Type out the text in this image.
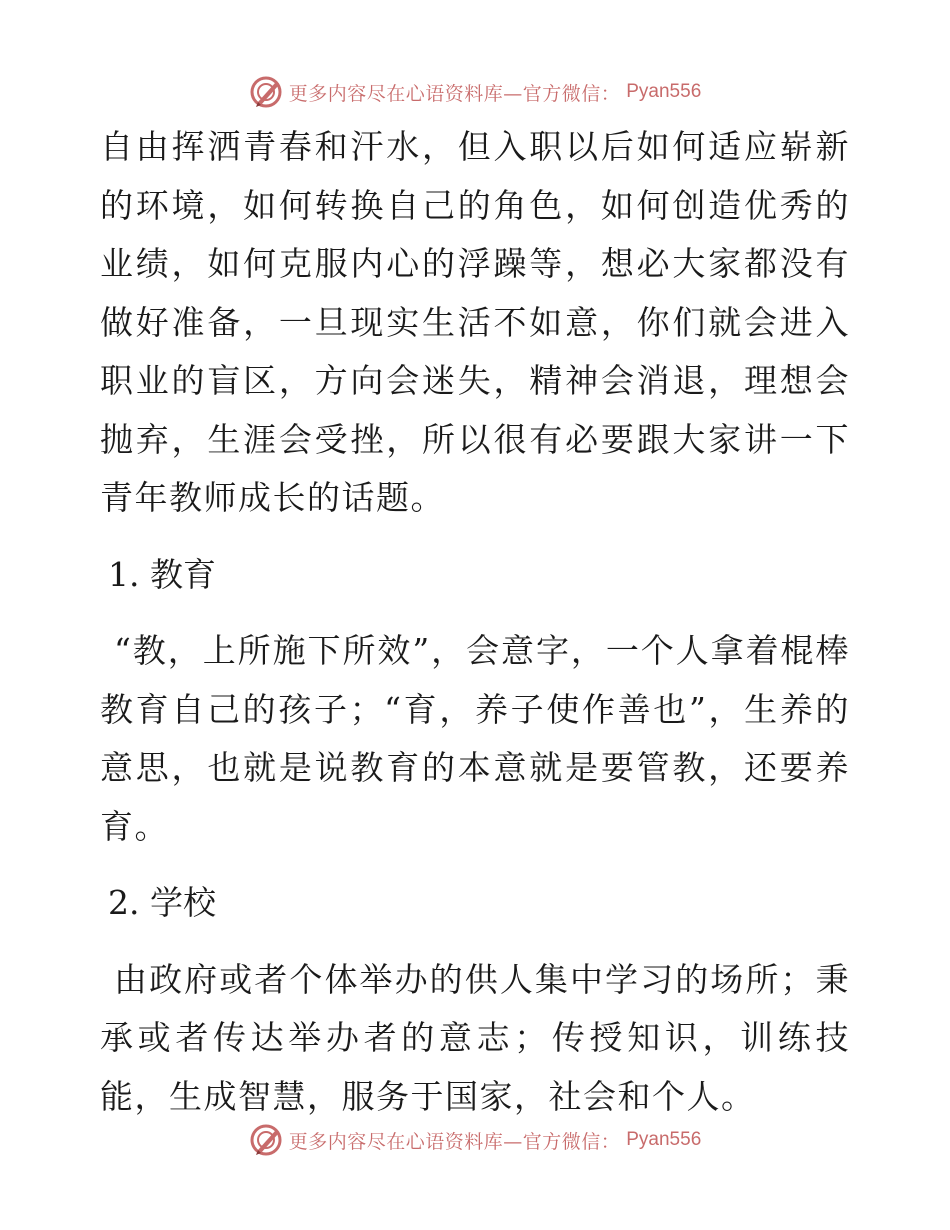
更多内容尽在心语资料库—官方微信： Pyan556

自由挥洒青春和汗水，但入职以后如何适应崭新的环境，如何转换自己的角色，如何创造优秀的业绩，如何克服内心的浮躁等，想必大家都没有做好准备，一旦现实生活不如意，你们就会进入职业的盲区，方向会迷失，精神会消退，理想会抛弃，生涯会受挫，所以很有必要跟大家讲一下青年教师成长的话题。

1. 教育

“教，上所施下所效”，会意字，一个人拿着棍棒教育自己的孩子；“育，养子使作善也”，生养的意思，也就是说教育的本意就是要管教，还要养育。

2. 学校

由政府或者个体举办的供人集中学习的场所；秉承或者传达举办者的意志；传授知识，训练技能，生成智慧，服务于国家，社会和个人。

更多内容尽在心语资料库—官方微信： Pyan556
